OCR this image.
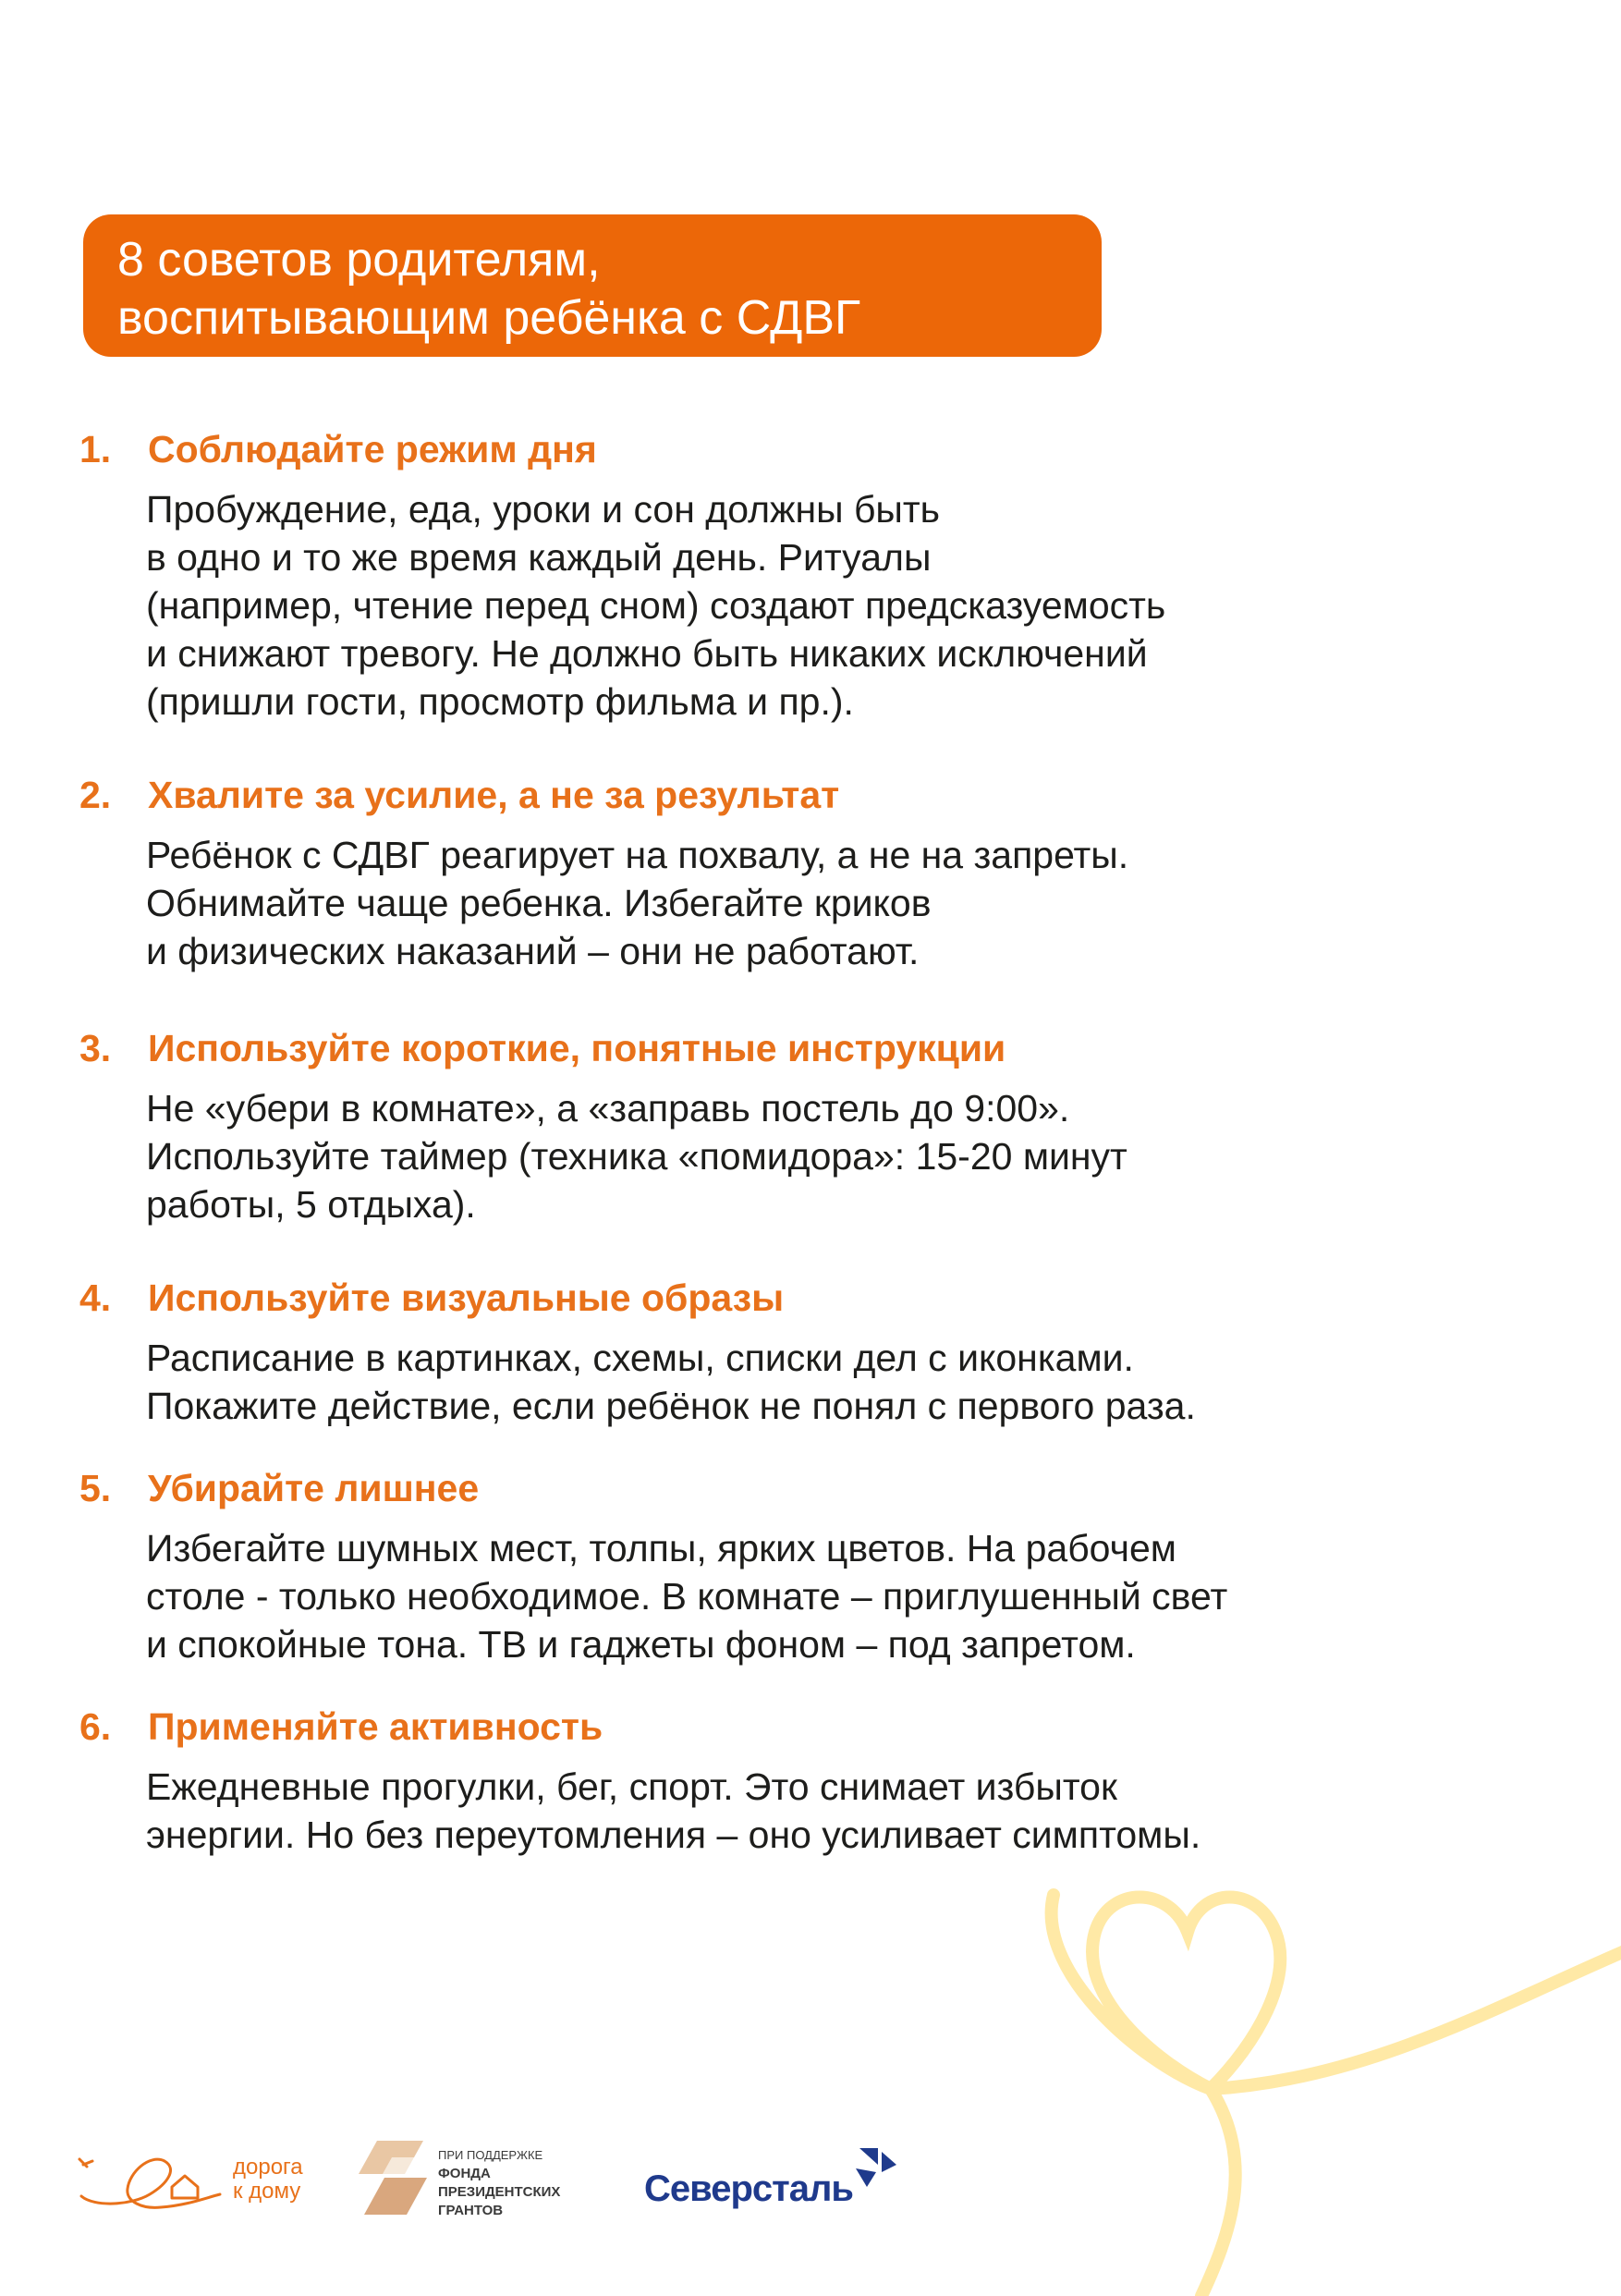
8 советов родителям,
воспитывающим ребёнка с СДВГ
1. Соблюдайте режим дня
Пробуждение, еда, уроки и сон должны быть
в одно и то же время каждый день. Ритуалы
(например, чтение перед сном) создают предсказуемость
и снижают тревогу. Не должно быть никаких исключений
(пришли гости, просмотр фильма и пр.).
2. Хвалите за усилие, а не за результат
Ребёнок с СДВГ реагирует на похвалу, а не на запреты.
Обнимайте чаще ребенка. Избегайте криков
и физических наказаний – они не работают.
3. Используйте короткие, понятные инструкции
Не «убери в комнате», а «заправь постель до 9:00».
Используйте таймер (техника «помидора»: 15-20 минут
работы, 5 отдыха).
4. Используйте визуальные образы
Расписание в картинках, схемы, списки дел с иконками.
Покажите действие, если ребёнок не понял с первого раза.
5. Убирайте лишнее
Избегайте шумных мест, толпы, ярких цветов. На рабочем
столе - только необходимое. В комнате – приглушенный свет
и спокойные тона. ТВ и гаджеты фоном – под запретом.
6. Применяйте активность
Ежедневные прогулки, бег, спорт. Это снимает избыток
энергии. Но без переутомления – оно усиливает симптомы.
дорога
к дому
ПРИ ПОДДЕРЖКЕ
ФОНДА
ПРЕЗИДЕНТСКИХ
ГРАНТОВ
Северсталь
